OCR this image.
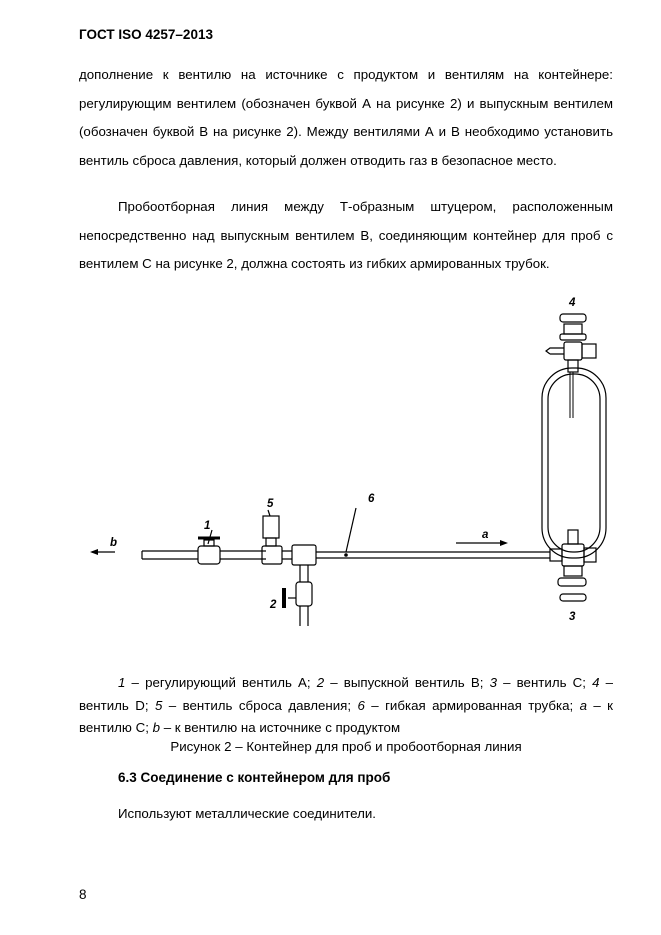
ГОСТ ISO 4257–2013
дополнение к вентилю на источнике с продуктом и вентилям на контейнере: регулирующим вентилем (обозначен буквой А на рисунке 2) и выпускным вентилем (обозначен буквой В на рисунке 2). Между вентилями А и В необходимо установить вентиль сброса давления, который должен отводить газ в безопасное место.
Пробоотборная линия между Т-образным штуцером, расположенным непосредственно над выпускным вентилем В, соединяющим контейнер для проб с вентилем С на рисунке 2, должна состоять из гибких армированных трубок.
1
2
3
4
5	6
a
b
1 – регулирующий вентиль А; 2 – выпускной вентиль В; 3 – вентиль С; 4 – вентиль D; 5 – вентиль сброса давления; 6 – гибкая армированная трубка; a – к вентилю С; b – к вентилю на источнике с продуктом
Рисунок 2 – Контейнер для проб и пробоотборная линия
6.3 Соединение с контейнером для проб
Используют металлические соединители.
8
